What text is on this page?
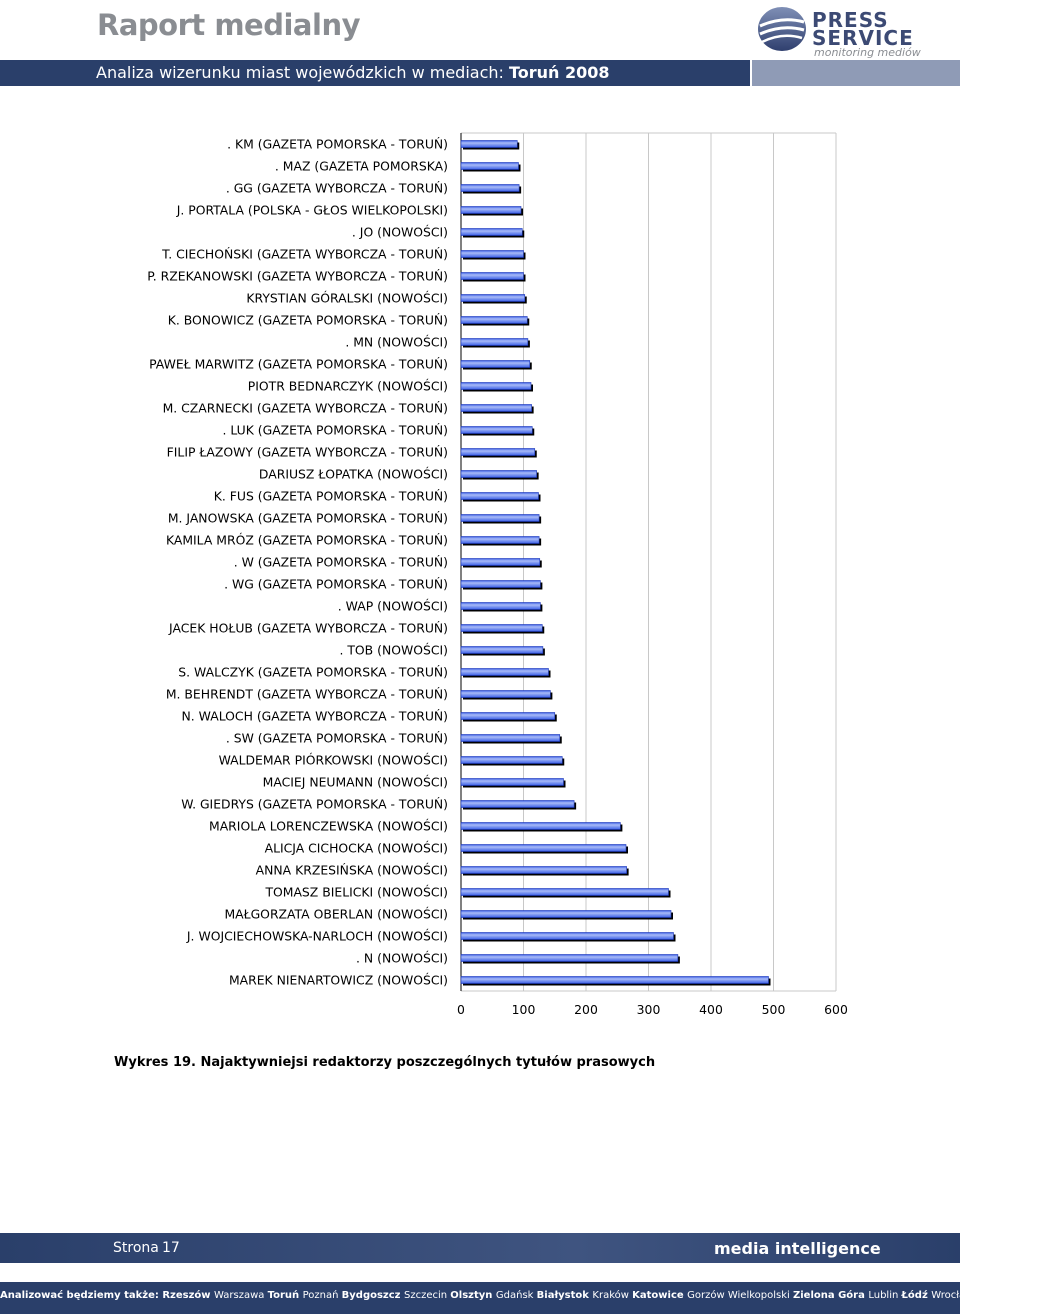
Raport medialny	PRESS
SERVICE
monitoring mediów
Analiza wizerunku miast wojewódzkich w mediach: Toruń 2008
. KM (GAZETA POMORSKA - TORUŃ)
. MAZ (GAZETA POMORSKA)
. GG (GAZETA WYBORCZA - TORUŃ)
J. PORTALA (POLSKA - GŁOS WIELKOPOLSKI)
. JO (NOWOŚCI)
T. CIECHOŃSKI (GAZETA WYBORCZA - TORUŃ)
P. RZEKANOWSKI (GAZETA WYBORCZA - TORUŃ)
KRYSTIAN GÓRALSKI (NOWOŚCI)
K. BONOWICZ (GAZETA POMORSKA - TORUŃ)
. MN (NOWOŚCI)
PAWEŁ MARWITZ (GAZETA POMORSKA - TORUŃ)
PIOTR BEDNARCZYK (NOWOŚCI)
M. CZARNECKI (GAZETA WYBORCZA - TORUŃ)
. LUK (GAZETA POMORSKA - TORUŃ)
FILIP ŁAZOWY (GAZETA WYBORCZA - TORUŃ)
DARIUSZ ŁOPATKA (NOWOŚCI)
K. FUS (GAZETA POMORSKA - TORUŃ)
M. JANOWSKA (GAZETA POMORSKA - TORUŃ)
KAMILA MRÓZ (GAZETA POMORSKA - TORUŃ)
. W (GAZETA POMORSKA - TORUŃ)
. WG (GAZETA POMORSKA - TORUŃ)
. WAP (NOWOŚCI)
JACEK HOŁUB (GAZETA WYBORCZA - TORUŃ)
. TOB (NOWOŚCI)
S. WALCZYK (GAZETA POMORSKA - TORUŃ)
M. BEHRENDT (GAZETA WYBORCZA - TORUŃ)
N. WALOCH (GAZETA WYBORCZA - TORUŃ)
. SW (GAZETA POMORSKA - TORUŃ)
WALDEMAR PIÓRKOWSKI (NOWOŚCI)
MACIEJ NEUMANN (NOWOŚCI)
W. GIEDRYS (GAZETA POMORSKA - TORUŃ)
MARIOLA LORENCZEWSKA (NOWOŚCI)
ALICJA CICHOCKA (NOWOŚCI)
ANNA KRZESIŃSKA (NOWOŚCI)
TOMASZ BIELICKI (NOWOŚCI)
MAŁGORZATA OBERLAN (NOWOŚCI)
J. WOJCIECHOWSKA-NARLOCH (NOWOŚCI)
. N (NOWOŚCI)
MAREK NIENARTOWICZ (NOWOŚCI)
0	100	200	300	400	500	600
Wykres 19. Najaktywniejsi redaktorzy poszczególnych tytułów prasowych
Strona 17	media intelligence
Analizować będziemy także: Rzeszów Warszawa Toruń Poznań Bydgoszcz Szczecin Olsztyn Gdańsk Białystok Kraków Katowice Gorzów Wielkopolski Zielona Góra Lublin Łódź Wrocław Opole Kielce
